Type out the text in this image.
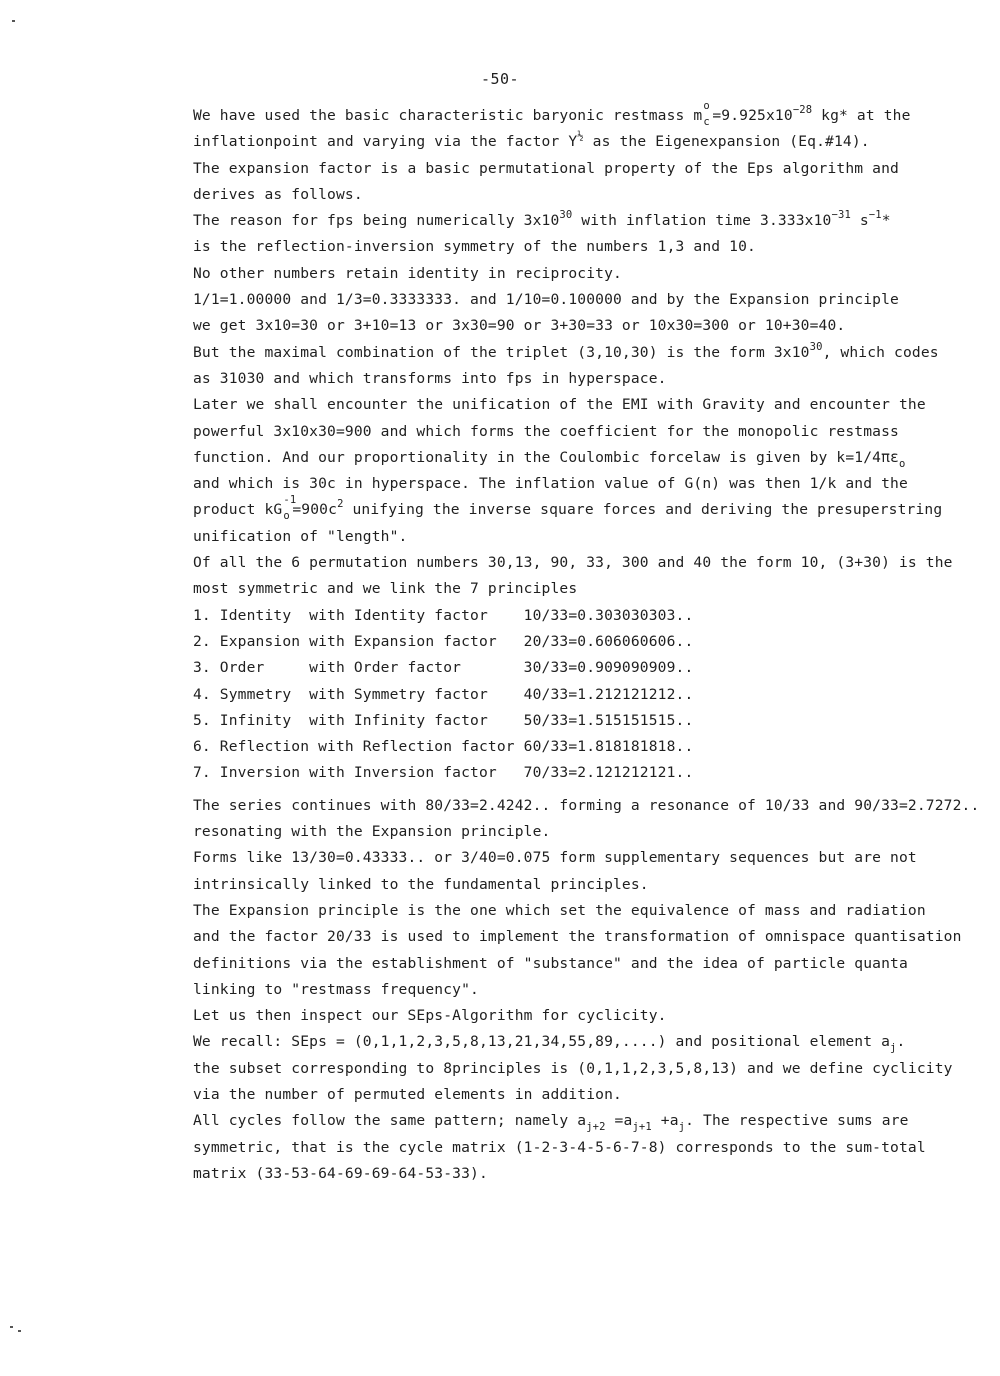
-50-
We have used the basic characteristic baryonic restmass m
o

$c =9.925x10^{-28}$ kg* at the
inflationpoint and varying via the factor $Y^{\frac{1}{2}}$ as the Eigenexpansion (Eq.#14).
The expansion factor is a basic permutational property of the Eps algorithm and
derives as follows.
The reason for fps being numerically $3x10^{30}$ with inflation time $3.333x10^{-31}$ $s^{-1}*$
is the reflection-inversion symmetry of the numbers 1,3 and 10.
No other numbers retain identity in reciprocity.
1/1=1.00000 and 1/3=0.3333333. and 1/10=0.100000 and by the Expansion principle
we get 3x10=30 or 3+10=13 or 3x30=90 or 3+30=33 or 10x30=300 or 10+30=40.
But the maximal combination of the triplet (3,10,30) is the form $3x10^{30}$, which codes
as 31030 and which transforms into fps in hyperspace.
Later we shall encounter the unification of the EMI with Gravity and encounter the
powerful 3x10x30=900 and which forms the coefficient for the monopolic restmass
function. And our proportionality in the Coulombic forcelaw is given by $k=1/4\pi\varepsilon_o$
and which is 30c in hyperspace. The inflation value of G(n) was then 1/k and the
product kG
-1

$o =900c^2$ unifying the inverse square forces and deriving the presuperstring
unification of "length".
Of all the 6 permutation numbers 30,13, 90, 33, 300 and 40 the form 10, (3+30) is the
most symmetric and we link the 7 principles
1. Identity  with Identity factor    10/33=0.303030303..
2. Expansion with Expansion factor   20/33=0.606060606..
3. Order     with Order factor       30/33=0.909090909..
4. Symmetry  with Symmetry factor    40/33=1.212121212..
5. Infinity  with Infinity factor    50/33=1.515151515..
6. Reflection with Reflection factor 60/33=1.818181818..
7. Inversion with Inversion factor   70/33=2.121212121..
The series continues with 80/33=2.4242.. forming a resonance of 10/33 and 90/33=2.7272..
resonating with the Expansion principle.
Forms like 13/30=0.43333.. or 3/40=0.075 form supplementary sequences but are not
intrinsically linked to the fundamental principles.
The Expansion principle is the one which set the equivalence of mass and radiation
and the factor 20/33 is used to implement the transformation of omnispace quantisation
definitions via the establishment of "substance" and the idea of particle quanta
linking to "restmass frequency".
Let us then inspect our SEps-Algorithm for cyclicity.
We recall: SEps = (0,1,1,2,3,5,8,13,21,34,55,89,....) and positional element $a_j$.
the subset corresponding to 8principles is (0,1,1,2,3,5,8,13) and we define cyclicity
via the number of permuted elements in addition.
All cycles follow the same pattern; namely $a_{j+2} =a_{j+1} +a_j$. The respective sums are
symmetric, that is the cycle matrix (1-2-3-4-5-6-7-8) corresponds to the sum-total
matrix (33-53-64-69-69-64-53-33).
